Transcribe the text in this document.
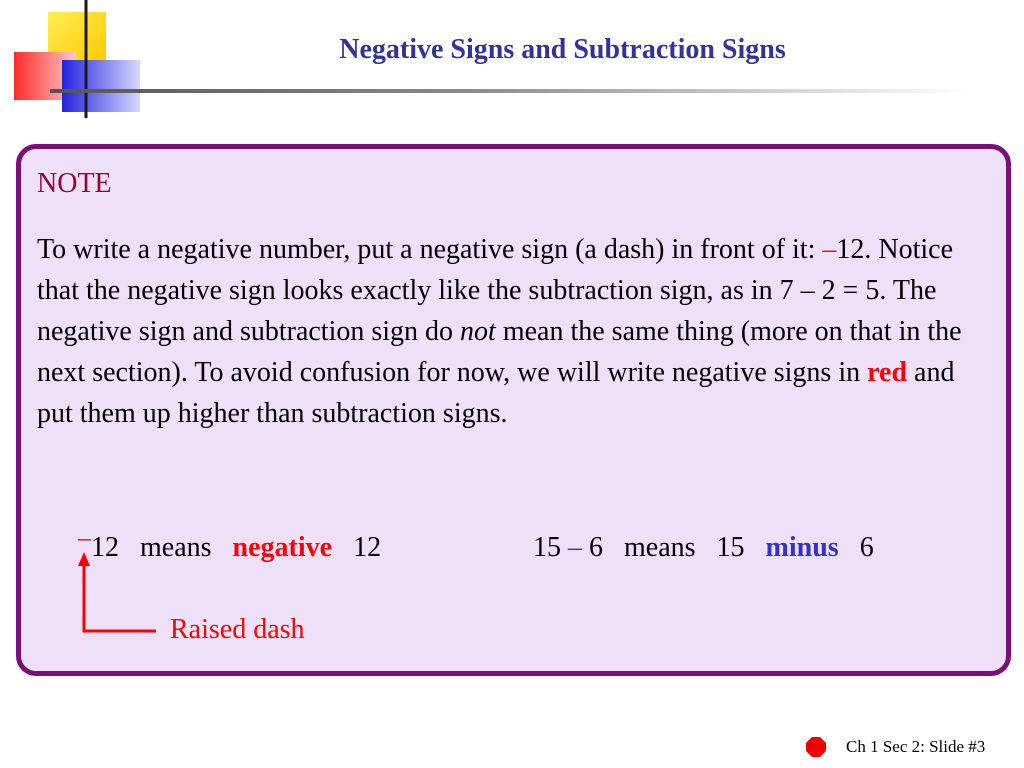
Negative Signs and Subtraction Signs
NOTE

To write a negative number, put a negative sign (a dash) in front of it: –12. Notice that the negative sign looks exactly like the subtraction sign, as in 7 – 2 = 5. The negative sign and subtraction sign do not mean the same thing (more on that in the next section). To avoid confusion for now, we will write negative signs in red and put them up higher than subtraction signs.

–12 means negative 12	15 – 6 means 15 minus 6
Raised dash
Ch 1 Sec 2: Slide #3
